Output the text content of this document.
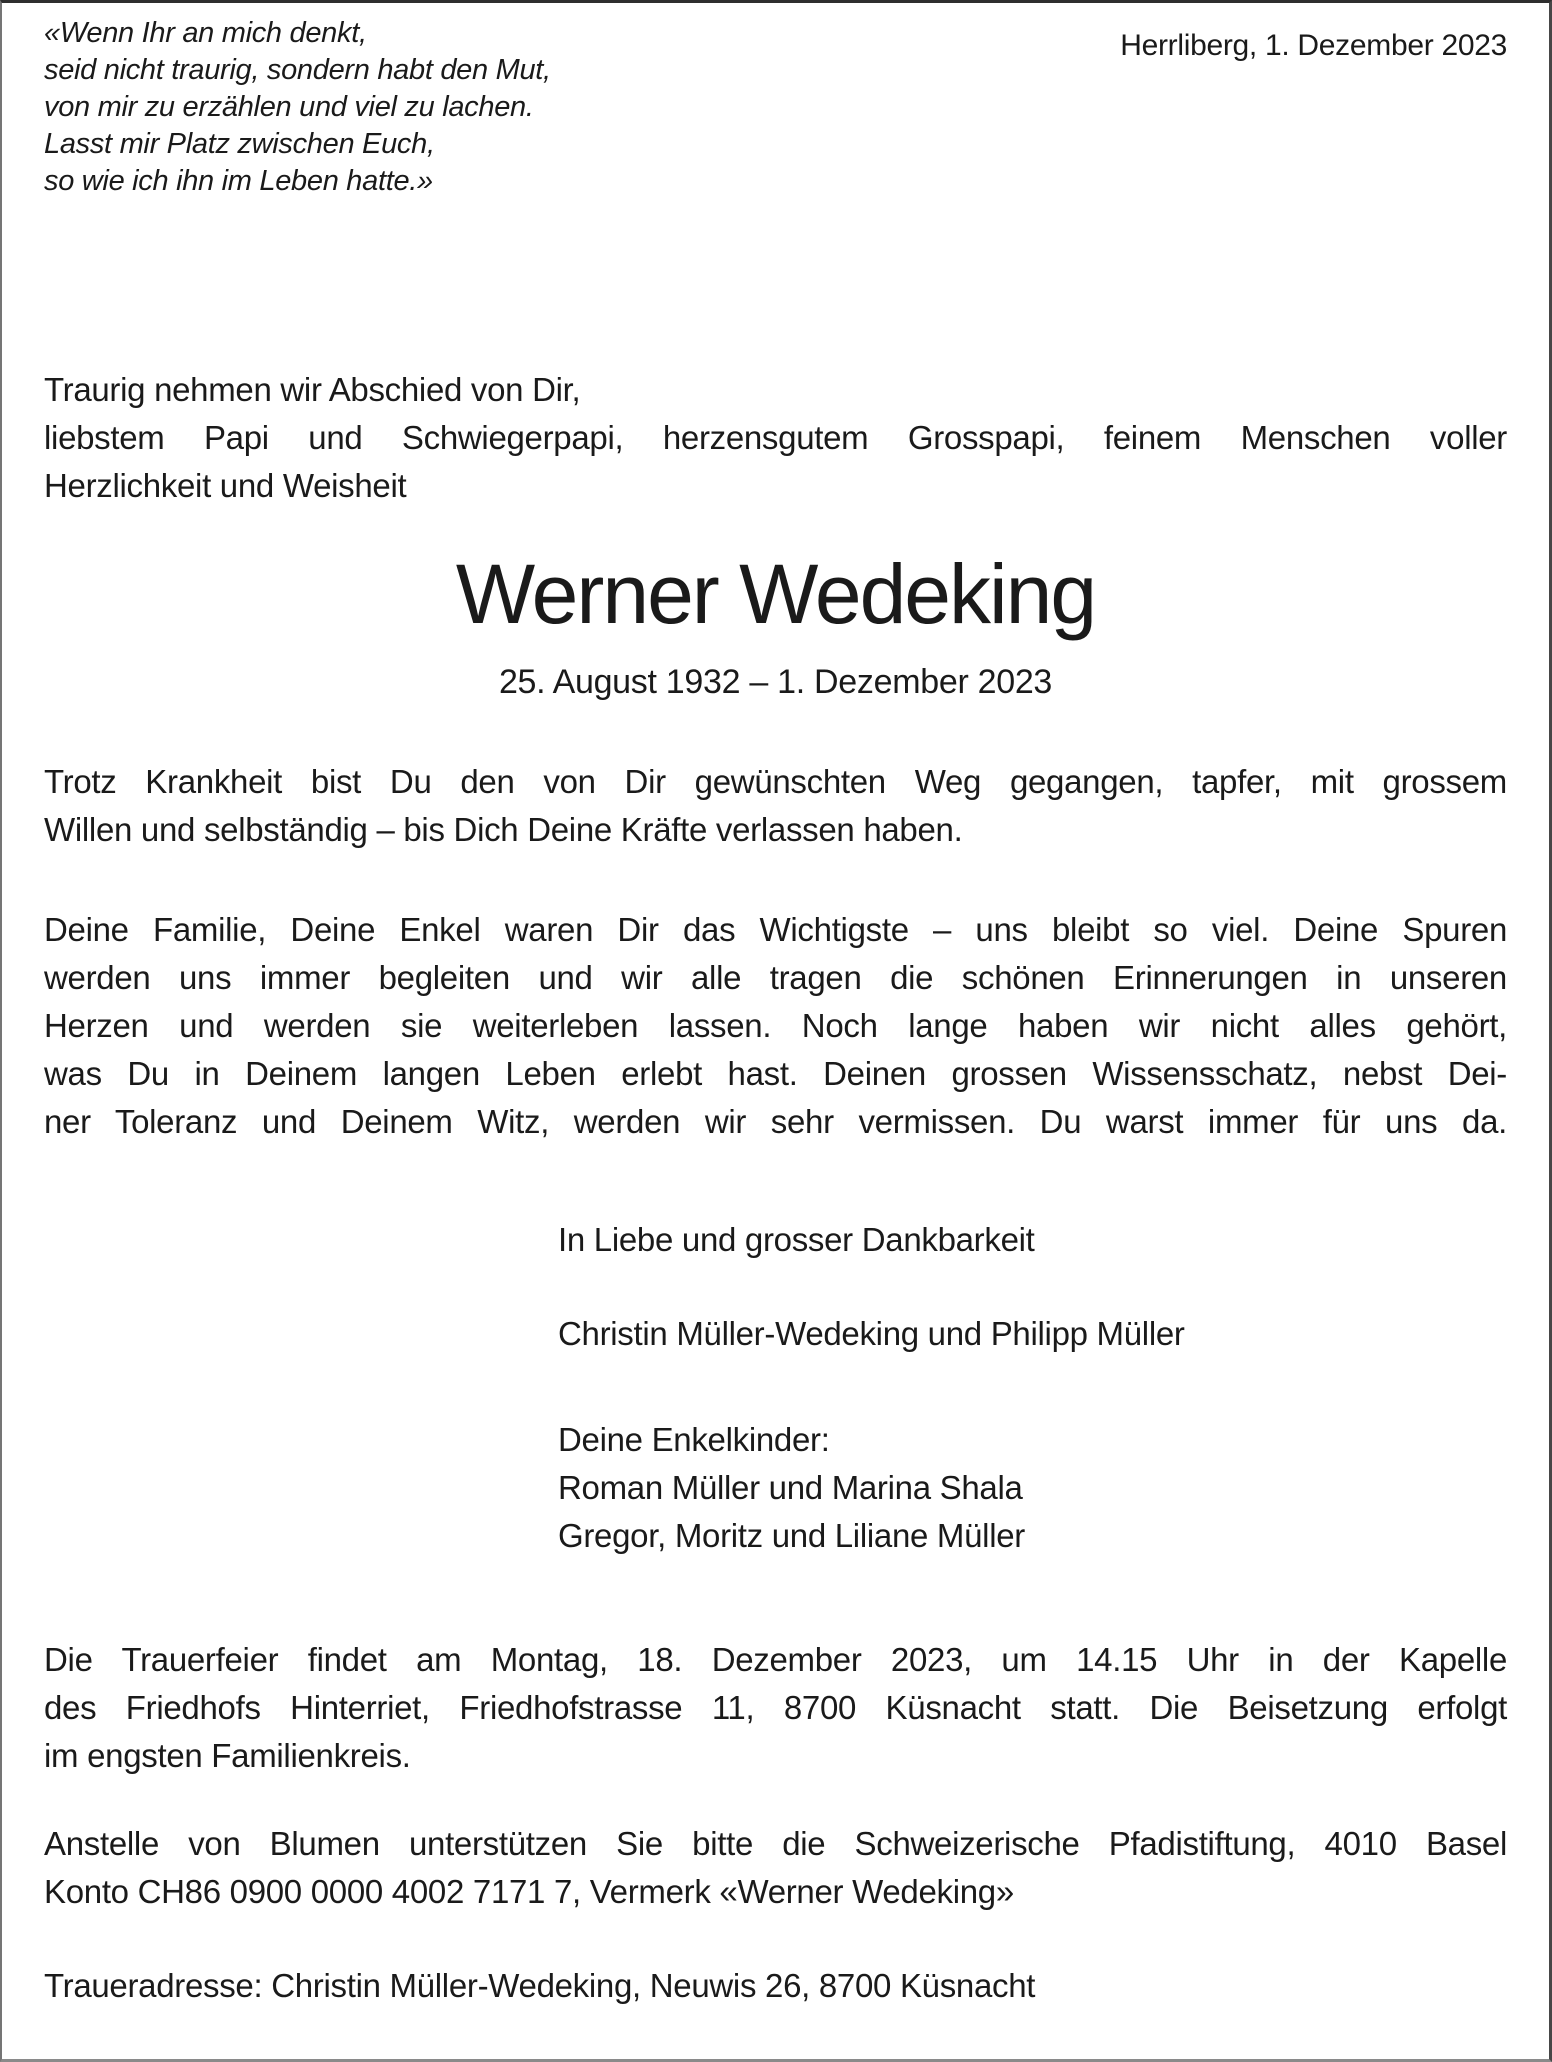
«Wenn Ihr an mich denkt,
seid nicht traurig, sondern habt den Mut,
von mir zu erzählen und viel zu lachen.
Lasst mir Platz zwischen Euch,
so wie ich ihn im Leben hatte.»
Herrliberg, 1. Dezember 2023
Traurig nehmen wir Abschied von Dir,
liebstem Papi und Schwiegerpapi, herzensgutem Grosspapi, feinem Menschen voller
Herzlichkeit und Weisheit
Werner Wedeking
25. August 1932 – 1. Dezember 2023
Trotz Krankheit bist Du den von Dir gewünschten Weg gegangen, tapfer, mit grossem
Willen und selbständig – bis Dich Deine Kräfte verlassen haben.
Deine Familie, Deine Enkel waren Dir das Wichtigste – uns bleibt so viel. Deine Spuren
werden uns immer begleiten und wir alle tragen die schönen Erinnerungen in unseren
Herzen und werden sie weiterleben lassen. Noch lange haben wir nicht alles gehört,
was Du in Deinem langen Leben erlebt hast. Deinen grossen Wissensschatz, nebst Dei-
ner Toleranz und Deinem Witz, werden wir sehr vermissen. Du warst immer für uns da.
In Liebe und grosser Dankbarkeit
Christin Müller-Wedeking und Philipp Müller
Deine Enkelkinder:
Roman Müller und Marina Shala
Gregor, Moritz und Liliane Müller
Die Trauerfeier findet am Montag, 18. Dezember 2023, um 14.15 Uhr in der Kapelle
des Friedhofs Hinterriet, Friedhofstrasse 11, 8700 Küsnacht statt. Die Beisetzung erfolgt
im engsten Familienkreis.
Anstelle von Blumen unterstützen Sie bitte die Schweizerische Pfadistiftung, 4010 Basel
Konto CH86 0900 0000 4002 7171 7, Vermerk «Werner Wedeking»
Traueradresse: Christin Müller-Wedeking, Neuwis 26, 8700 Küsnacht
